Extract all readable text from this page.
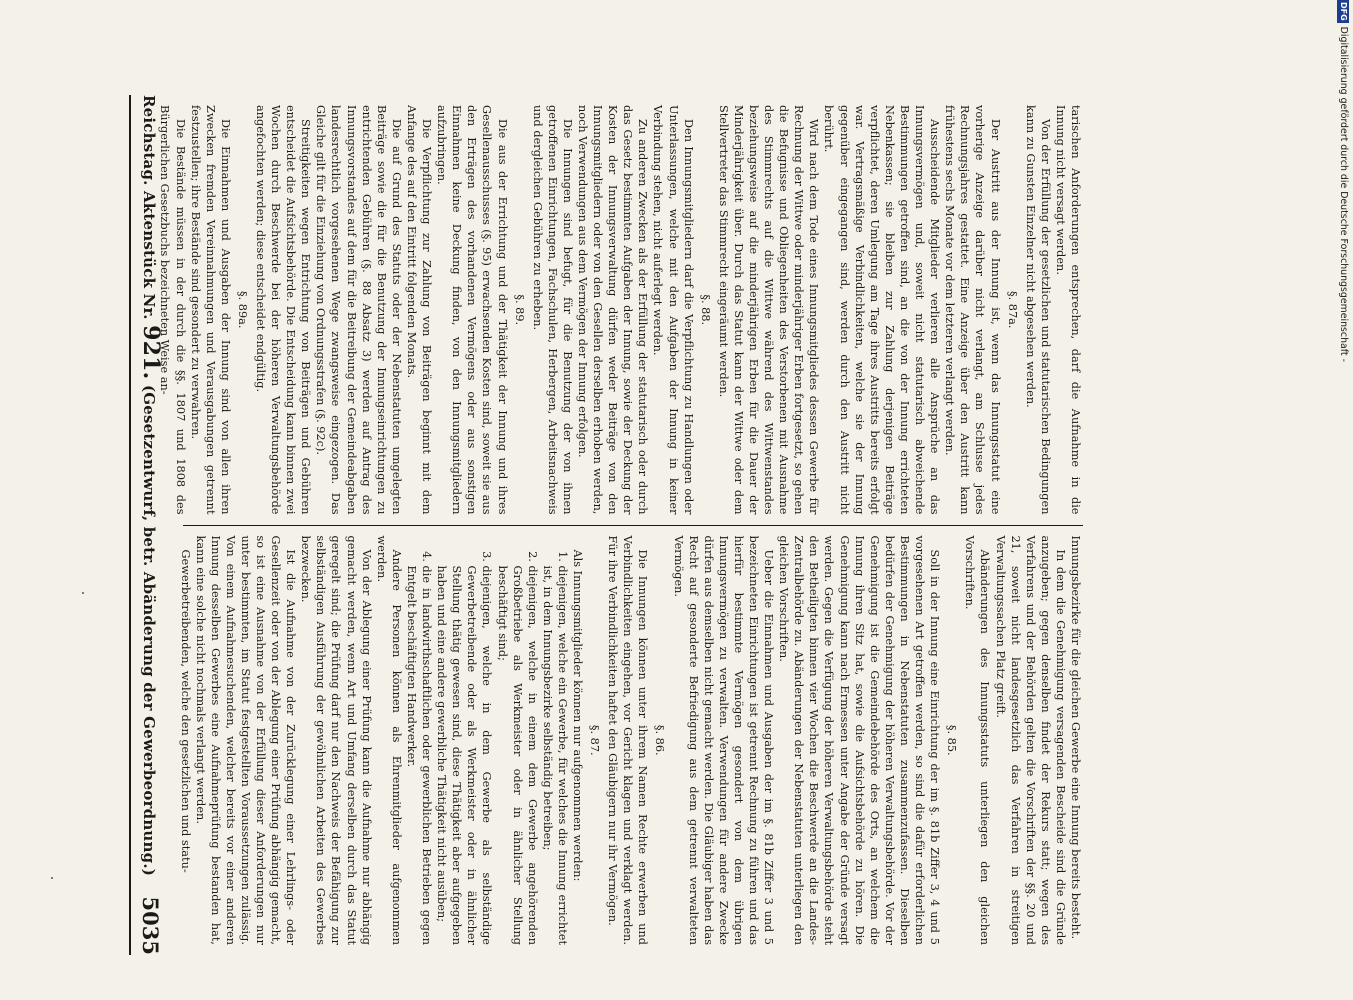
Reichstag. Aktenstück Nr. 921. (Gesetzentwurf, betr. Abänderung der Gewerbeordnung.)
5035	Innungsbezirke für die gleichen Gewerbe eine Innung bereits besteht.

In dem die Genehmigung versagenden Bescheide sind die Gründe anzugeben; gegen denselben findet der Rekurs statt; wegen des Verfahrens und der Behörden gelten die Vorschriften der §§. 20 und 21, soweit nicht landesgesetzlich das Verfahren in streitigen Verwaltungssachen Platz greift.

Abänderungen des Innungsstatuts unterliegen den gleichen Vorschriften.

§. 85.

Soll in der Innung eine Einrichtung der im §. 81b Ziffer 3, 4 und 5 vorgesehenen Art getroffen werden, so sind die dafür erforderlichen Bestimmungen in Nebenstatuten zusammenzufassen. Dieselben bedürfen der Genehmigung der höheren Verwaltungsbehörde. Vor der Genehmigung ist die Gemeindebehörde des Orts, an welchem die Innung ihren Sitz hat, sowie die Aufsichtsbehörde zu hören. Die Genehmigung kann nach Ermessen unter Angabe der Gründe versagt werden. Gegen die Verfügung der höheren Verwaltungsbehörde steht den Betheiligten binnen vier Wochen die Beschwerde an die Landes-Zentralbehörde zu. Abänderungen der Nebenstatuten unterliegen den gleichen Vorschriften.

Ueber die Einnahmen und Ausgaben der im §. 81b Ziffer 3 und 5 bezeichneten Einrichtungen ist getrennt Rechnung zu führen und das hierfür bestimmte Vermögen gesondert von dem übrigen Innungsvermögen zu verwalten. Verwendungen für andere Zwecke dürfen aus demselben nicht gemacht werden. Die Gläubiger haben das Recht auf gesonderte Befriedigung aus dem getrennt verwalteten Vermögen.

§. 86.

Die Innungen können unter ihrem Namen Rechte erwerben und Verbindlichkeiten eingehen, vor Gericht klagen und verklagt werden. Für ihre Verbindlichkeiten haftet den Gläubigern nur ihr Vermögen.

§. 87.

Als Innungsmitglieder können nur aufgenommen werden:

1. diejenigen, welche ein Gewerbe, für welches die Innung errichtet ist, in dem Innungsbezirke selbständig betreiben;
2. diejenigen, welche in einem dem Gewerbe angehörenden Großbetriebe als Werkmeister oder in ähnlicher Stellung beschäftigt sind;
3. diejenigen, welche in dem Gewerbe als selbständige Gewerbetreibende oder als Werkmeister oder in ähnlicher Stellung thätig gewesen sind, diese Thätigkeit aber aufgegeben haben und eine andere gewerbliche Thätigkeit nicht ausüben;
4. die in landwirthschaftlichen oder gewerblichen Betrieben gegen Entgelt beschäftigten Handwerker.

Andere Personen können als Ehrenmitglieder aufgenommen werden.

Von der Ablegung einer Prüfung kann die Aufnahme nur abhängig gemacht werden, wenn Art und Umfang derselben durch das Statut geregelt sind; die Prüfung darf nur den Nachweis der Befähigung zur selbständigen Ausführung der gewöhnlichen Arbeiten des Gewerbes bezwecken.

Ist die Aufnahme von der Zurücklegung einer Lehrlings- oder Gesellenzeit oder von der Ablegung einer Prüfung abhängig gemacht, so ist eine Ausnahme von der Erfüllung dieser Anforderungen nur unter bestimmten, im Statut festgestellten Voraussetzungen zulässig. Von einem Aufnahmesuchenden, welcher bereits vor einer anderen Innung desselben Gewerbes eine Aufnahmeprüfung bestanden hat, kann eine solche nicht nochmals verlangt werden.

Gewerbetreibenden, welche den gesetzlichen und statu-

tarischen Anforderungen entsprechen, darf die Aufnahme in die Innung nicht versagt werden.

Von der Erfüllung der gesetzlichen und statutarischen Bedingungen kann zu Gunsten Einzelner nicht abgesehen werden.

§. 87a.

Der Austritt aus der Innung ist, wenn das Innungsstatut eine vorherige Anzeige darüber nicht verlangt, am Schlusse jedes Rechnungsjahres gestattet. Eine Anzeige über den Austritt kann frühestens sechs Monate vor dem letzteren verlangt werden.

Ausscheidende Mitglieder verlieren alle Ansprüche an das Innungsvermögen und, soweit nicht statutarisch abweichende Bestimmungen getroffen sind, an die von der Innung errichteten Nebenkassen; sie bleiben zur Zahlung derjenigen Beiträge verpflichtet, deren Umlegung am Tage ihres Austritts bereits erfolgt war. Vertragsmäßige Verbindlichkeiten, welche sie der Innung gegenüber eingegangen sind, werden durch den Austritt nicht berührt.

Wird nach dem Tode eines Innungsmitgliedes dessen Gewerbe für Rechnung der Wittwe oder minderjähriger Erben fortgesetzt, so gehen die Befugnisse und Obliegenheiten des Verstorbenen mit Ausnahme des Stimmrechts auf die Wittwe während des Wittwenstandes beziehungsweise auf die minderjährigen Erben für die Dauer der Minderjährigkeit über. Durch das Statut kann der Wittwe oder dem Stellvertreter das Stimmrecht eingeräumt werden.

§. 88.

Den Innungsmitgliedern darf die Verpflichtung zu Handlungen oder Unterlassungen, welche mit den Aufgaben der Innung in keiner Verbindung stehen, nicht auferlegt werden.

Zu anderen Zwecken als der Erfüllung der statutarisch oder durch das Gesetz bestimmten Aufgaben der Innung, sowie der Deckung der Kosten der Innungsverwaltung dürfen weder Beiträge von den Innungsmitgliedern oder von den Gesellen derselben erhoben werden, noch Verwendungen aus dem Vermögen der Innung erfolgen.

Die Innungen sind befugt, für die Benutzung der von ihnen getroffenen Einrichtungen, Fachschulen, Herbergen, Arbeitsnachweis und dergleichen Gebühren zu erheben.

§. 89.

Die aus der Errichtung und der Thätigkeit der Innung und ihres Gesellenausschusses (§. 95) erwachsenden Kosten sind, soweit sie aus den Erträgen des vorhandenen Vermögens oder aus sonstigen Einnahmen keine Deckung finden, von den Innungsmitgliedern aufzubringen.

Die Verpflichtung zur Zahlung von Beiträgen beginnt mit dem Anfange des auf den Eintritt folgenden Monats.

Die auf Grund des Statuts oder der Nebenstatuten umgelegten Beiträge sowie die für die Benutzung der Innungseinrichtungen zu entrichtenden Gebühren (§. 88 Absatz 3) werden auf Antrag des Innungsvorstandes auf dem für die Beitreibung der Gemeindeabgaben landesrechtlich vorgesehenen Wege zwangsweise eingezogen. Das Gleiche gilt für die Einziehung von Ordnungsstrafen (§. 92c).

Streitigkeiten wegen Entrichtung von Beiträgen und Gebühren entscheidet die Aufsichtsbehörde. Die Entscheidung kann binnen zwei Wochen durch Beschwerde bei der höheren Verwaltungsbehörde angefochten werden; diese entscheidet endgültig.

§. 89a.

Die Einnahmen und Ausgaben der Innung sind von allen ihren Zwecken fremden Vereinnahmungen und Verausgabungen getrennt festzustellen; ihre Bestände sind gesondert zu verwahren.

Die Bestände müssen in der durch die §§. 1807 und 1808 des Bürgerlichen Gesetzbuchs bezeichneten Weise an-

DFG
Digitalisierung gefördert durch die Deutsche Forschungsgemeinschaft -
